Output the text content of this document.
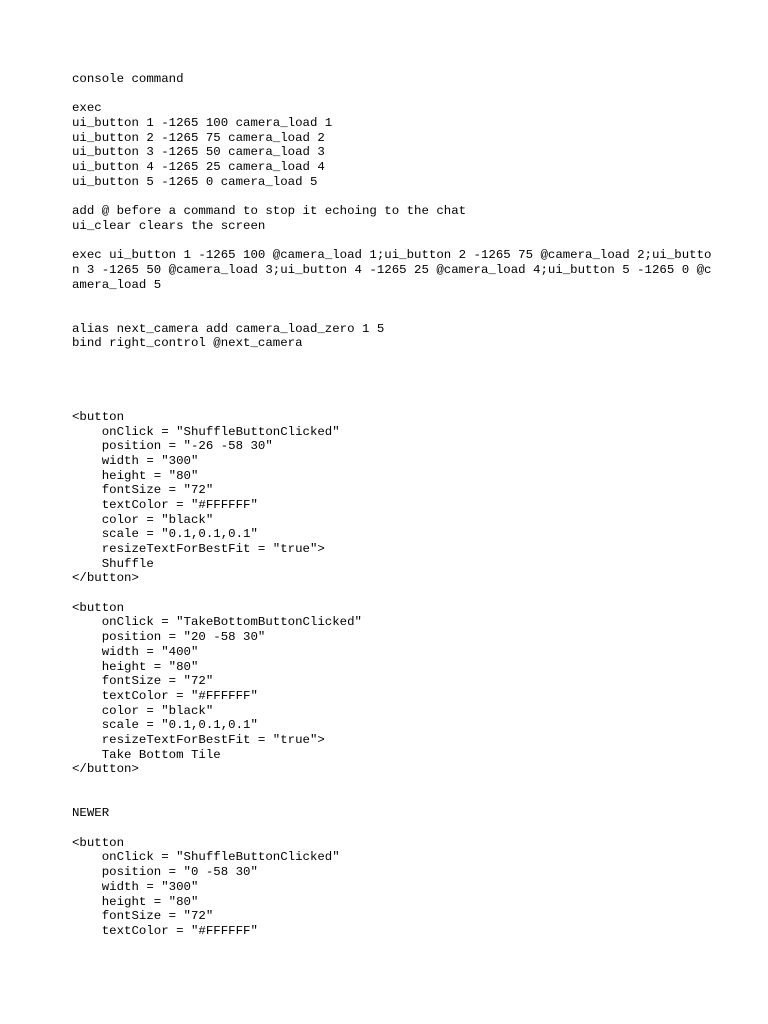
console command
exec
ui_button 1 -1265 100 camera_load 1
ui_button 2 -1265 75 camera_load 2
ui_button 3 -1265 50 camera_load 3
ui_button 4 -1265 25 camera_load 4
ui_button 5 -1265 0 camera_load 5
add @ before a command to stop it echoing to the chat
ui_clear clears the screen
exec ui_button 1 -1265 100 @camera_load 1;ui_button 2 -1265 75 @camera_load 2;ui_button 3 -1265 50 @camera_load 3;ui_button 4 -1265 25 @camera_load 4;ui_button 5 -1265 0 @camera_load 5
alias next_camera add camera_load_zero 1 5
bind right_control @next_camera
<button
onClick = "ShuffleButtonClicked"
position = "-26 -58 30"
width = "300"
height = "80"
fontSize = "72"
textColor = "#FFFFFF"
color = "black"
scale = "0.1,0.1,0.1"
resizeTextForBestFit = "true">
Shuffle
</button>
<button
onClick = "TakeBottomButtonClicked"
position = "20 -58 30"
width = "400"
height = "80"
fontSize = "72"
textColor = "#FFFFFF"
color = "black"
scale = "0.1,0.1,0.1"
resizeTextForBestFit = "true">
Take Bottom Tile
</button>
NEWER
<button
onClick = "ShuffleButtonClicked"
position = "0 -58 30"
width = "300"
height = "80"
fontSize = "72"
textColor = "#FFFFFF"
